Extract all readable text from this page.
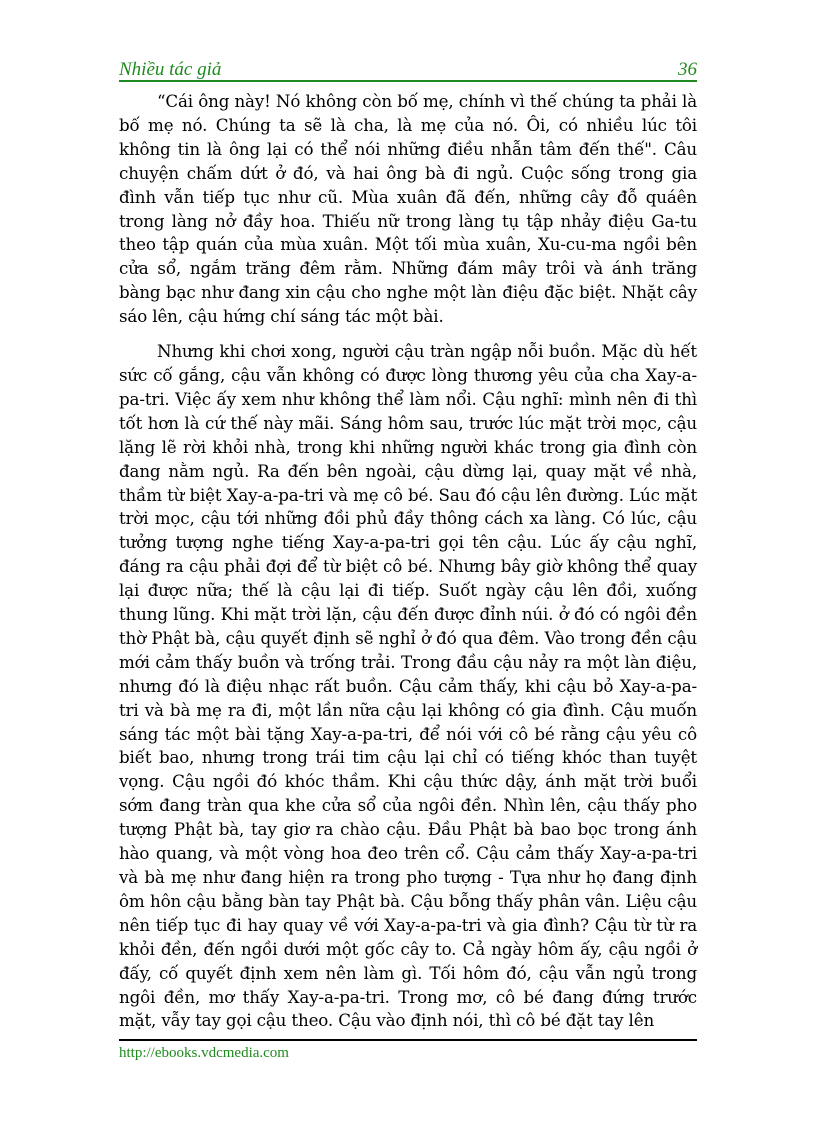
Nhiều tác giả	36

“Cái ông này! Nó không còn bố mẹ, chính vì thế chúng ta phải là bố mẹ nó. Chúng ta sẽ là cha, là mẹ của nó. Ôi, có nhiều lúc tôi không tin là ông lại có thể nói những điều nhẫn tâm đến thế". Câu chuyện chấm dứt ở đó, và hai ông bà đi ngủ. Cuộc sống trong gia đình vẫn tiếp tục như cũ. Mùa xuân đã đến, những cây đỗ quáên trong làng nở đầy hoa. Thiếu nữ trong làng tụ tập nhảy điệu Ga-tu theo tập quán của mùa xuân. Một tối mùa xuân, Xu-cu-ma ngồi bên cửa sổ, ngắm trăng đêm rằm. Những đám mây trôi và ánh trăng bàng bạc như đang xin cậu cho nghe một làn điệu đặc biệt. Nhặt cây sáo lên, cậu hứng chí sáng tác một bài.

Nhưng khi chơi xong, người cậu tràn ngập nỗi buồn. Mặc dù hết sức cố gắng, cậu vẫn không có được lòng thương yêu của cha Xay-a-pa-tri. Việc ấy xem như không thể làm nổi. Cậu nghĩ: mình nên đi thì tốt hơn là cứ thế này mãi. Sáng hôm sau, trước lúc mặt trời mọc, cậu lặng lẽ rời khỏi nhà, trong khi những người khác trong gia đình còn đang nằm ngủ. Ra đến bên ngoài, cậu dừng lại, quay mặt về nhà, thầm từ biệt Xay-a-pa-tri và mẹ cô bé. Sau đó cậu lên đường. Lúc mặt trời mọc, cậu tới những đồi phủ đầy thông cách xa làng. Có lúc, cậu tưởng tượng nghe tiếng Xay-a-pa-tri gọi tên cậu. Lúc ấy cậu nghĩ, đáng ra cậu phải đợi để từ biệt cô bé. Nhưng bây giờ không thể quay lại được nữa; thế là cậu lại đi tiếp. Suốt ngày cậu lên đồi, xuống thung lũng. Khi mặt trời lặn, cậu đến được đỉnh núi. ở đó có ngôi đền thờ Phật bà, cậu quyết định sẽ nghỉ ở đó qua đêm. Vào trong đền cậu mới cảm thấy buồn và trống trải. Trong đầu cậu nảy ra một làn điệu, nhưng đó là điệu nhạc rất buồn. Cậu cảm thấy, khi cậu bỏ Xay-a-pa-tri và bà mẹ ra đi, một lần nữa cậu lại không có gia đình. Cậu muốn sáng tác một bài tặng Xay-a-pa-tri, để nói với cô bé rằng cậu yêu cô biết bao, nhưng trong trái tim cậu lại chỉ có tiếng khóc than tuyệt vọng. Cậu ngồi đó khóc thầm. Khi cậu thức dậy, ánh mặt trời buổi sớm đang tràn qua khe cửa sổ của ngôi đền. Nhìn lên, cậu thấy pho tượng Phật bà, tay giơ ra chào cậu. Đầu Phật bà bao bọc trong ánh hào quang, và một vòng hoa đeo trên cổ. Cậu cảm thấy Xay-a-pa-tri và bà mẹ như đang hiện ra trong pho tượng - Tựa như họ đang định ôm hôn cậu bằng bàn tay Phật bà. Cậu bỗng thấy phân vân. Liệu cậu nên tiếp tục đi hay quay về với Xay-a-pa-tri và gia đình? Cậu từ từ ra khỏi đền, đến ngồi dưới một gốc cây to. Cả ngày hôm ấy, cậu ngồi ở đấy, cố quyết định xem nên làm gì. Tối hôm đó, cậu vẫn ngủ trong ngôi đền, mơ thấy Xay-a-pa-tri. Trong mơ, cô bé đang đứng trước mặt, vẫy tay gọi cậu theo. Cậu vào định nói, thì cô bé đặt tay lên

http://ebooks.vdcmedia.com
